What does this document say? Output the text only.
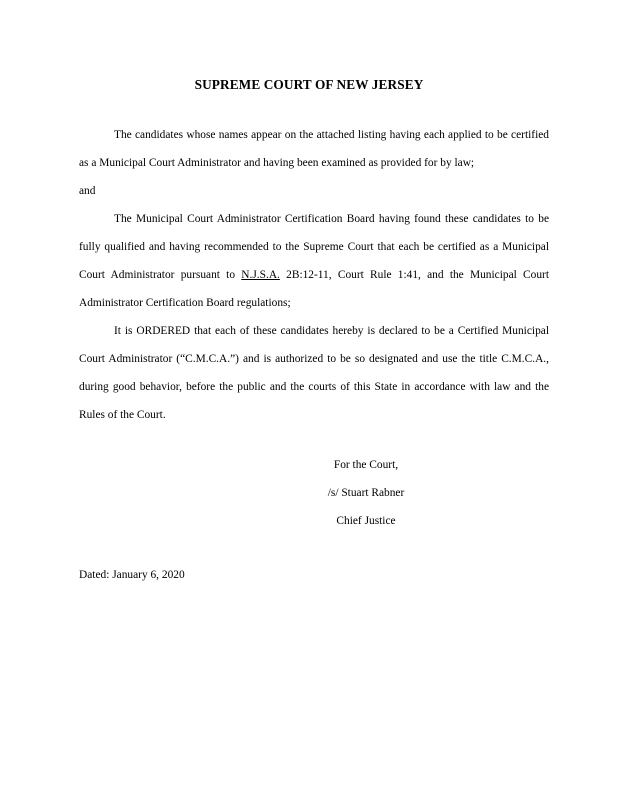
SUPREME COURT OF NEW JERSEY

The candidates whose names appear on the attached listing having each applied to be certified as a Municipal Court Administrator and having been examined as provided for by law;

and

The Municipal Court Administrator Certification Board having found these candidates to be fully qualified and having recommended to the Supreme Court that each be certified as a Municipal Court Administrator pursuant to N.J.S.A. 2B:12-11, Court Rule 1:41, and the Municipal Court Administrator Certification Board regulations;

It is ORDERED that each of these candidates hereby is declared to be a Certified Municipal Court Administrator (“C.M.C.A.”) and is authorized to be so designated and use the title C.M.C.A., during good behavior, before the public and the courts of this State in accordance with law and the Rules of the Court.

For the Court,
/s/ Stuart Rabner
Chief Justice
Dated: January 6, 2020
